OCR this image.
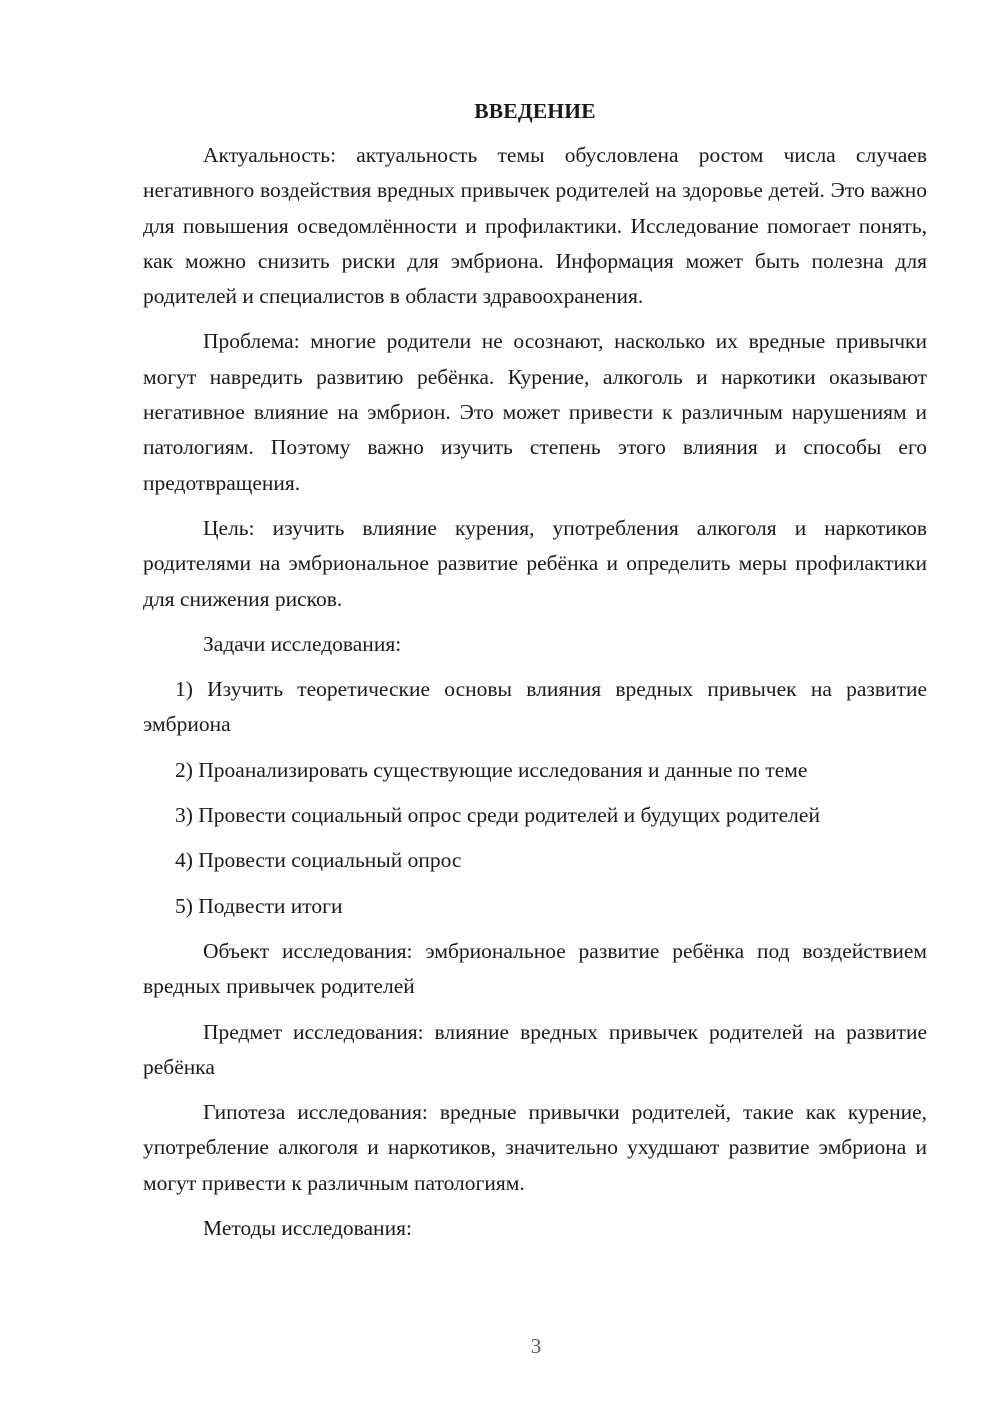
ВВЕДЕНИЕ

Актуальность: актуальность темы обусловлена ростом числа случаев негативного воздействия вредных привычек родителей на здоровье детей. Это важно для повышения осведомлённости и профилактики. Исследование помогает понять, как можно снизить риски для эмбриона. Информация может быть полезна для родителей и специалистов в области здравоохранения.

Проблема: многие родители не осознают, насколько их вредные привычки могут навредить развитию ребёнка. Курение, алкоголь и наркотики оказывают негативное влияние на эмбрион. Это может привести к различным нарушениям и патологиям. Поэтому важно изучить степень этого влияния и способы его предотвращения.

Цель: изучить влияние курения, употребления алкоголя и наркотиков родителями на эмбриональное развитие ребёнка и определить меры профилактики для снижения рисков.

Задачи исследования:

1) Изучить теоретические основы влияния вредных привычек на развитие эмбриона

2) Проанализировать существующие исследования и данные по теме

3) Провести социальный опрос среди родителей и будущих родителей

4) Провести социальный опрос

5) Подвести итоги

Объект исследования: эмбриональное развитие ребёнка под воздействием вредных привычек родителей

Предмет исследования: влияние вредных привычек родителей на развитие ребёнка

Гипотеза исследования: вредные привычки родителей, такие как курение, употребление алкоголя и наркотиков, значительно ухудшают развитие эмбриона и могут привести к различным патологиям.

Методы исследования:

3
